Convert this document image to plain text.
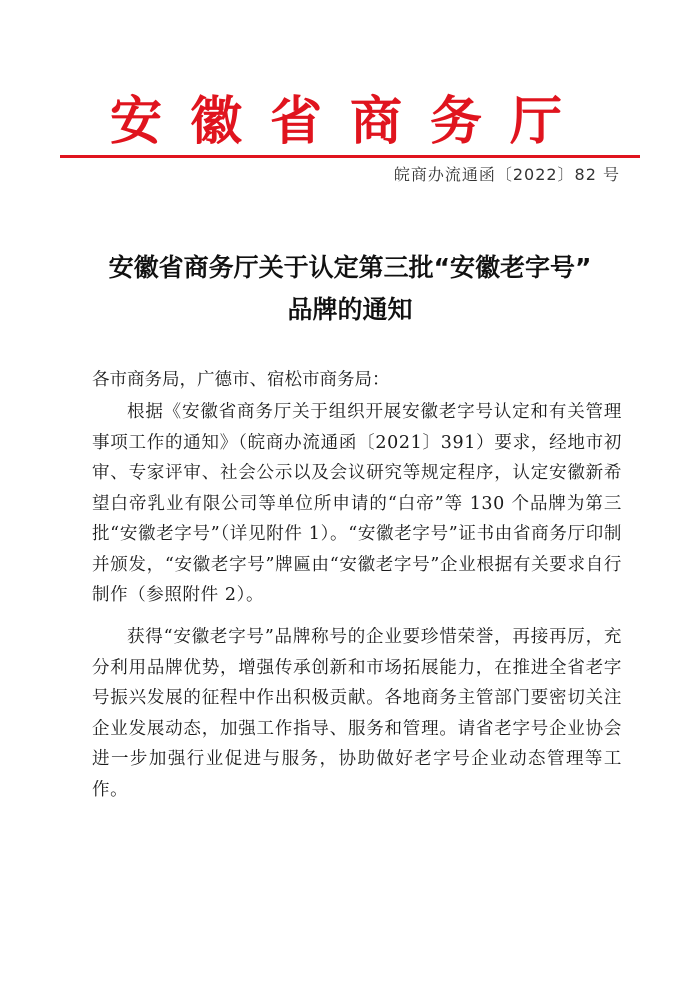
安徽省商务厅
皖商办流通函〔2022〕82 号
安徽省商务厅关于认定第三批“安徽老字号”
品牌的通知
各市商务局，广德市、宿松市商务局：
根据《安徽省商务厅关于组织开展安徽老字号认定和有关管理事项工作的通知》（皖商办流通函〔2021〕391）要求，经地市初审、专家评审、社会公示以及会议研究等规定程序，认定安徽新希望白帝乳业有限公司等单位所申请的“白帝”等 130 个品牌为第三批“安徽老字号”（详见附件 1）。“安徽老字号”证书由省商务厅印制并颁发，“安徽老字号”牌匾由“安徽老字号”企业根据有关要求自行制作（参照附件 2）。
获得“安徽老字号”品牌称号的企业要珍惜荣誉，再接再厉，充分利用品牌优势，增强传承创新和市场拓展能力，在推进全省老字号振兴发展的征程中作出积极贡献。各地商务主管部门要密切关注企业发展动态，加强工作指导、服务和管理。请省老字号企业协会进一步加强行业促进与服务，协助做好老字号企业动态管理等工作。
